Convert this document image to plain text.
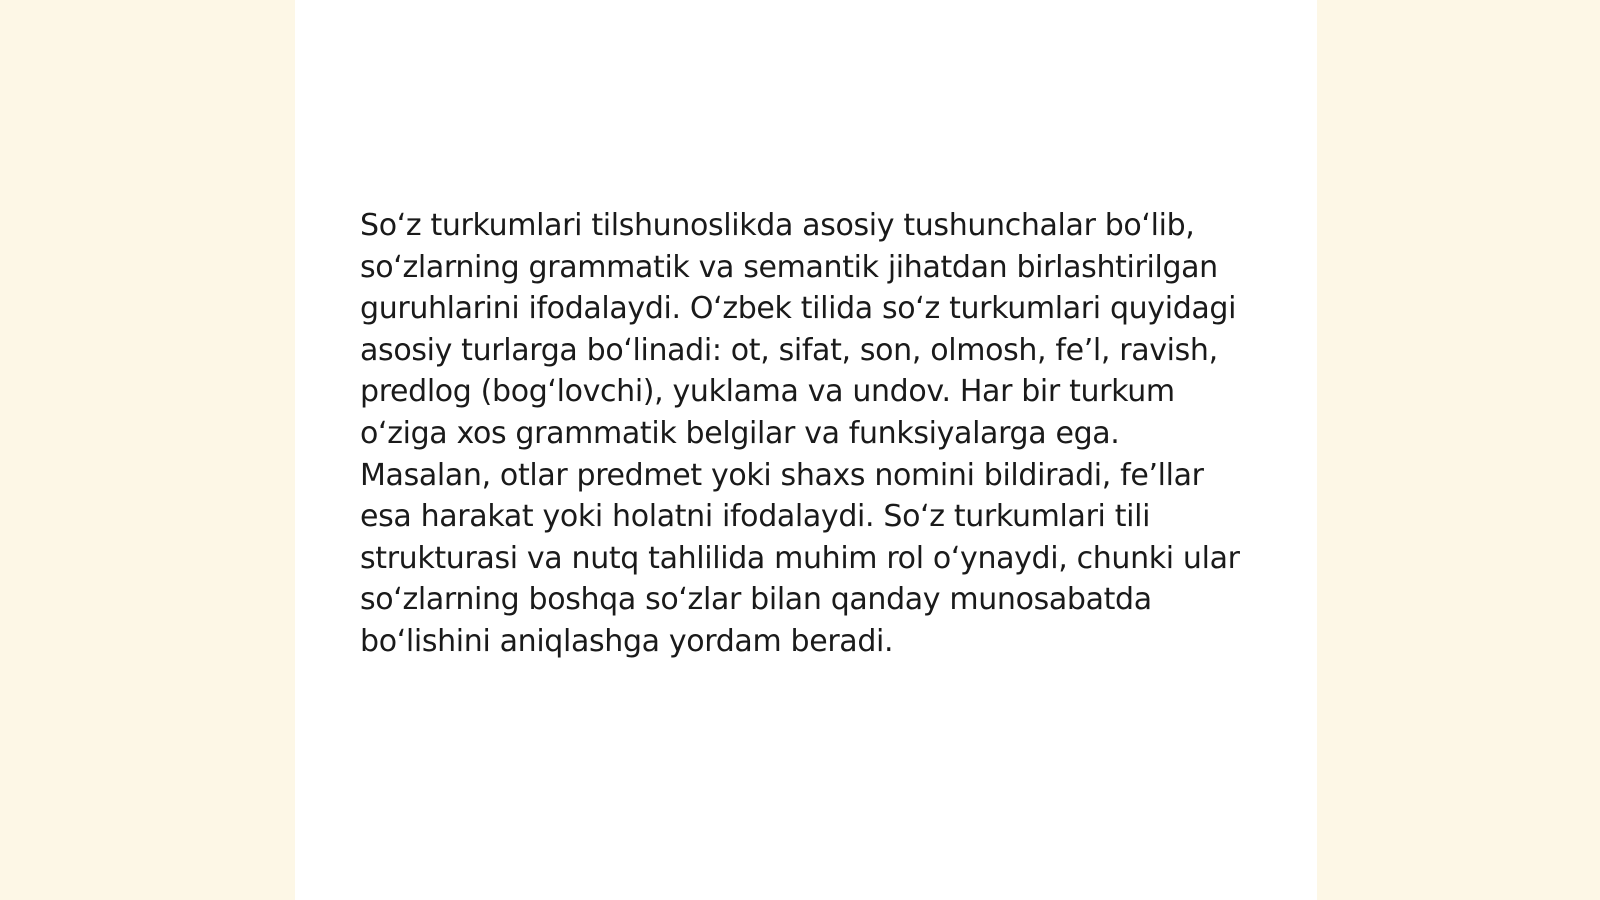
So‘z turkumlari tilshunoslikda asosiy tushunchalar bo‘lib, so‘zlarning grammatik va semantik jihatdan birlashtirilgan guruhlarini ifodalaydi. O‘zbek tilida so‘z turkumlari quyidagi asosiy turlarga bo‘linadi: ot, sifat, son, olmosh, fe’l, ravish, predlog (bog‘lovchi), yuklama va undov. Har bir turkum o‘ziga xos grammatik belgilar va funksiyalarga ega. Masalan, otlar predmet yoki shaxs nomini bildiradi, fe’llar esa harakat yoki holatni ifodalaydi. So‘z turkumlari tili strukturasi va nutq tahlilida muhim rol o‘ynaydi, chunki ular so‘zlarning boshqa so‘zlar bilan qanday munosabatda bo‘lishini aniqlashga yordam beradi.
